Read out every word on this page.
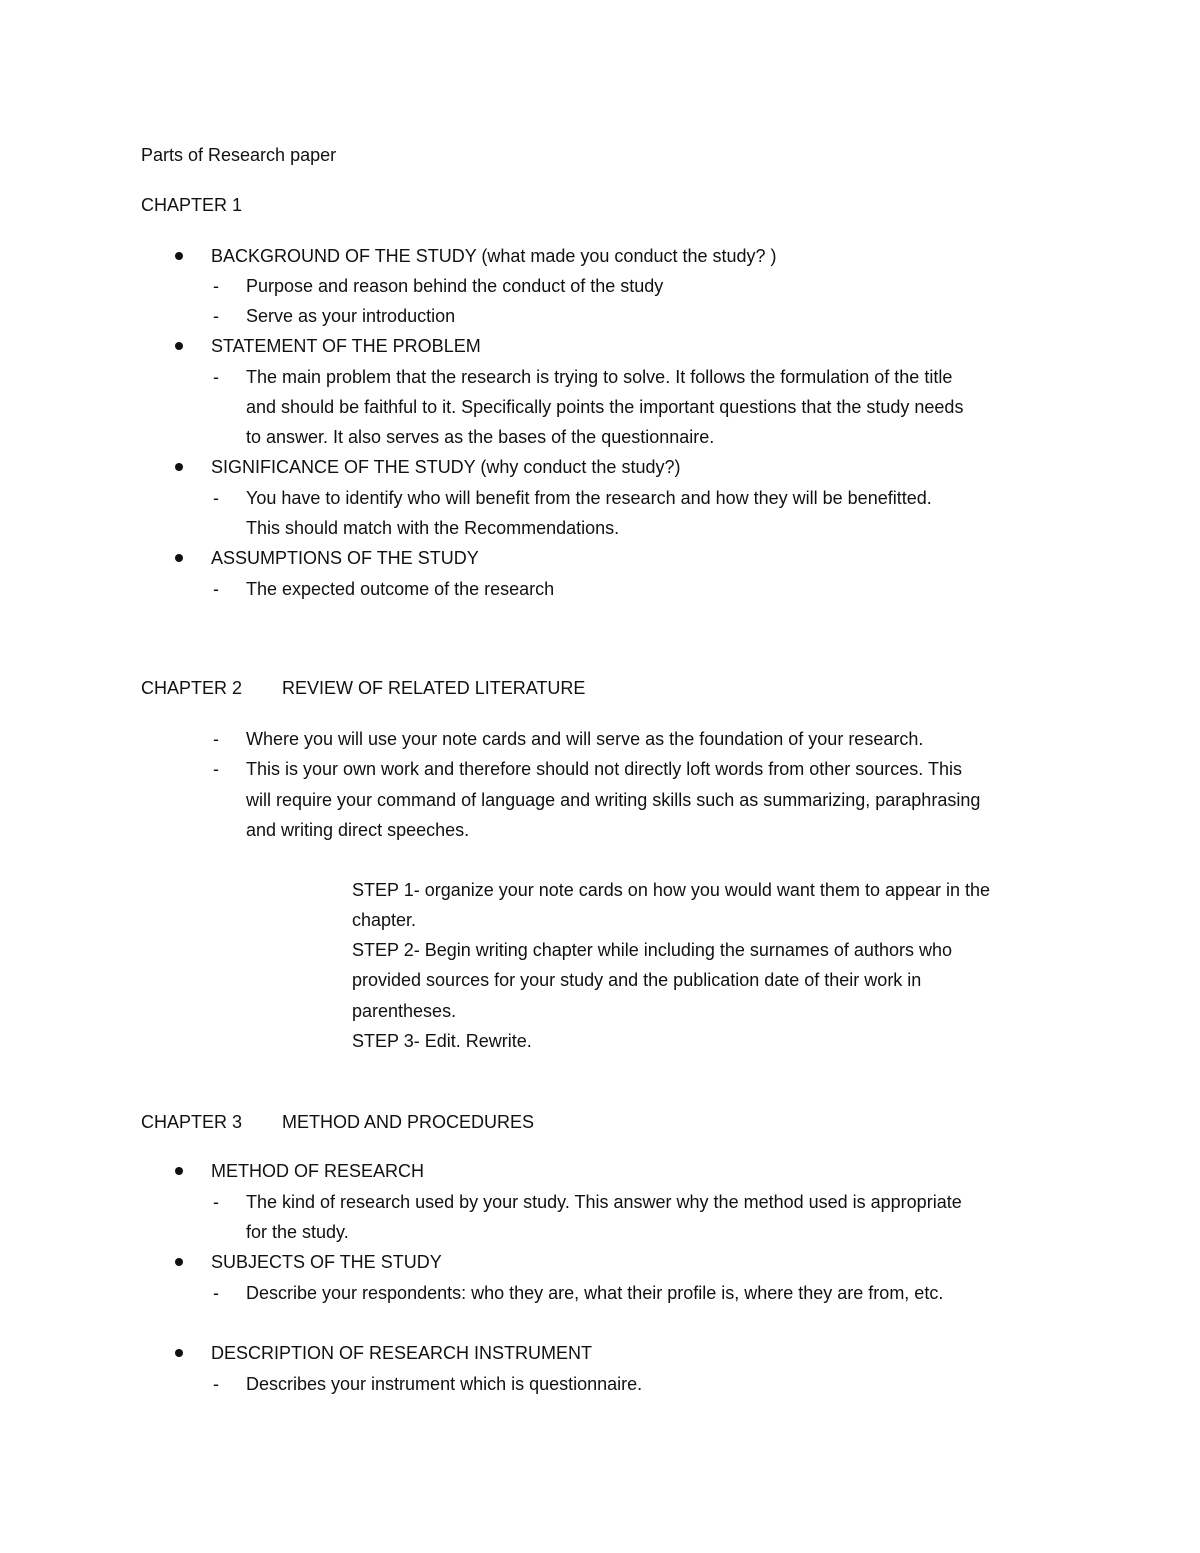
Parts of Research paper
CHAPTER 1
BACKGROUND OF THE STUDY (what made you conduct the study? )
- Purpose and reason behind the conduct of the study
- Serve as your introduction
STATEMENT OF THE PROBLEM
- The main problem that the research is trying to solve. It follows the formulation of the title
and should be faithful to it. Specifically points the important questions that the study needs
to answer. It also serves as the bases of the questionnaire.
SIGNIFICANCE OF THE STUDY (why conduct the study?)
- You have to identify who will benefit from the research and how they will be benefitted.
This should match with the Recommendations.
ASSUMPTIONS OF THE STUDY
- The expected outcome of the research
CHAPTER 2 REVIEW OF RELATED LITERATURE
- Where you will use your note cards and will serve as the foundation of your research.
- This is your own work and therefore should not directly loft words from other sources. This
will require your command of language and writing skills such as summarizing, paraphrasing
and writing direct speeches.
STEP 1- organize your note cards on how you would want them to appear in the
chapter.
STEP 2- Begin writing chapter while including the surnames of authors who
provided sources for your study and the publication date of their work in
parentheses.
STEP 3- Edit. Rewrite.
CHAPTER 3 METHOD AND PROCEDURES
METHOD OF RESEARCH
- The kind of research used by your study. This answer why the method used is appropriate
for the study.
SUBJECTS OF THE STUDY
- Describe your respondents: who they are, what their profile is, where they are from, etc.
DESCRIPTION OF RESEARCH INSTRUMENT
- Describes your instrument which is questionnaire.
